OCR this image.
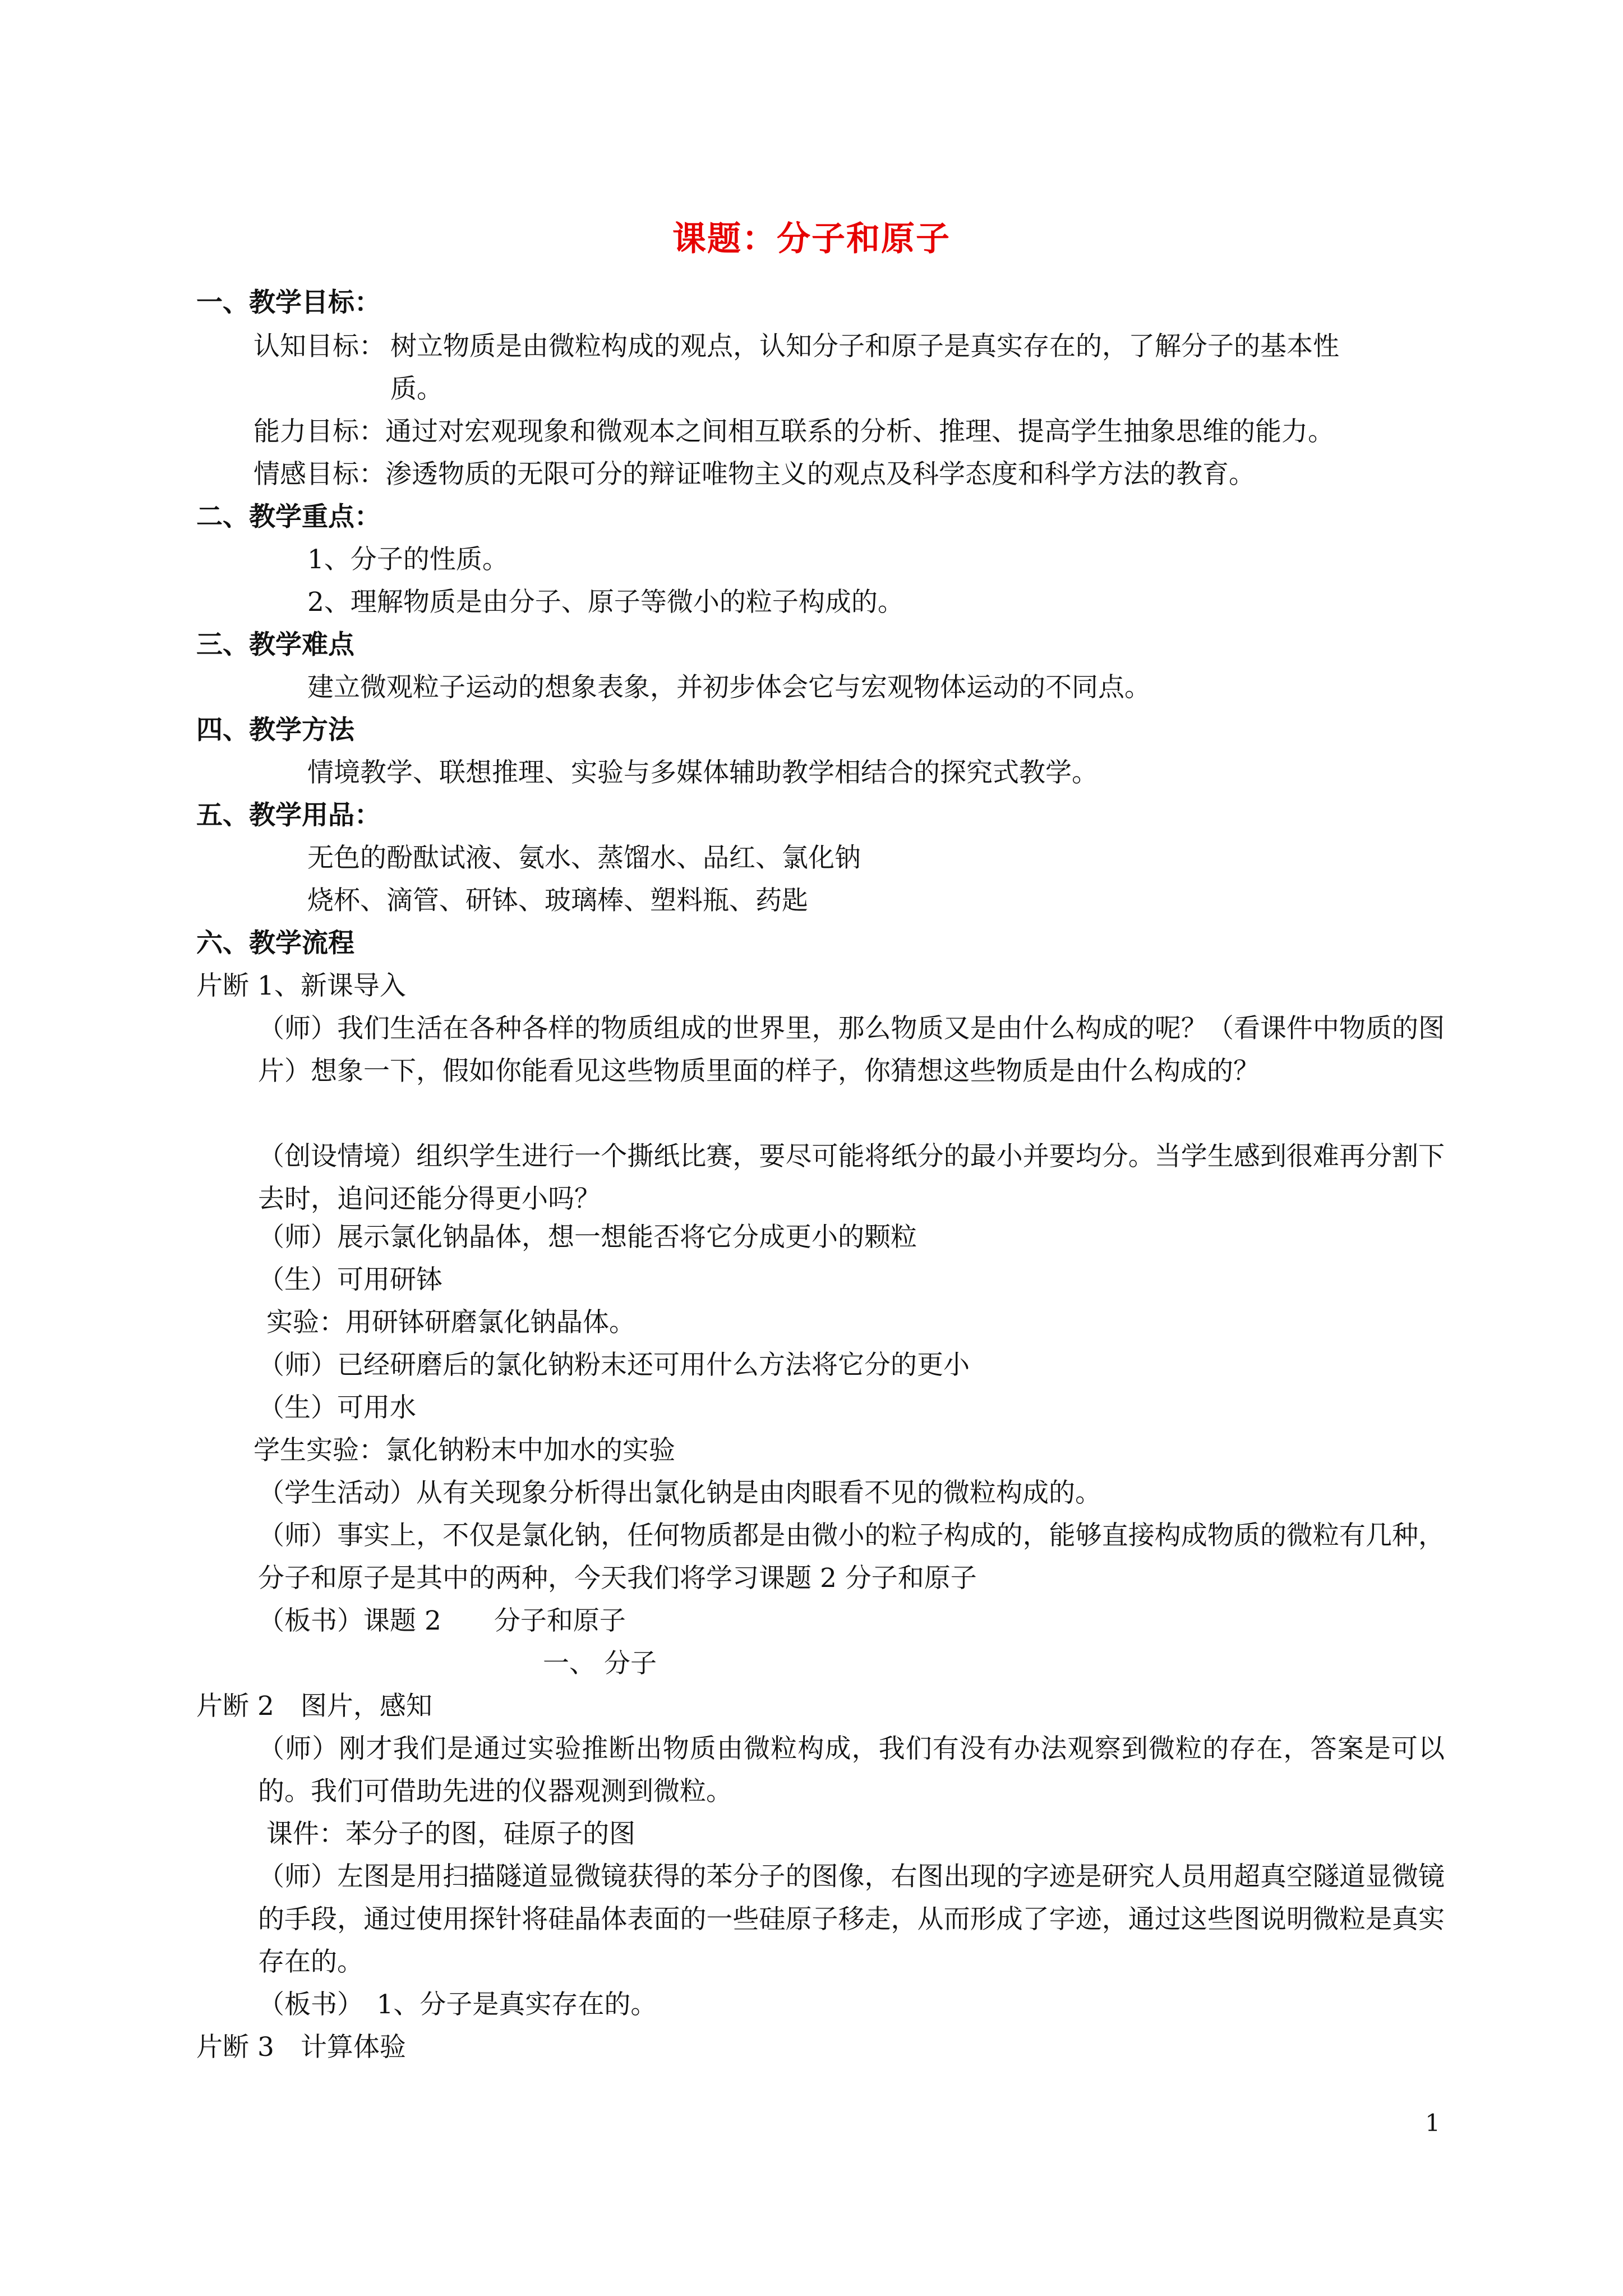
课题：分子和原子
一、教学目标：
认知目标： 树立物质是由微粒构成的观点，认知分子和原子是真实存在的，了解分子的基本性
质。
能力目标：通过对宏观现象和微观本之间相互联系的分析、推理、提高学生抽象思维的能力。
情感目标：渗透物质的无限可分的辩证唯物主义的观点及科学态度和科学方法的教育。
二、教学重点：
1、分子的性质。
2、理解物质是由分子、原子等微小的粒子构成的。
三、教学难点
建立微观粒子运动的想象表象，并初步体会它与宏观物体运动的不同点。
四、教学方法
情境教学、联想推理、实验与多媒体辅助教学相结合的探究式教学。
五、教学用品：
无色的酚酞试液、氨水、蒸馏水、品红、氯化钠
烧杯、滴管、研钵、玻璃棒、塑料瓶、药匙
六、教学流程
片断 1、新课导入
（师）我们生活在各种各样的物质组成的世界里，那么物质又是由什么构成的呢？（看课件中物质的图片）想象一下，假如你能看见这些物质里面的样子，你猜想这些物质是由什么构成的？
（创设情境）组织学生进行一个撕纸比赛，要尽可能将纸分的最小并要均分。当学生感到很难再分割下去时，追问还能分得更小吗？
（师）展示氯化钠晶体，想一想能否将它分成更小的颗粒
（生）可用研钵
实验：用研钵研磨氯化钠晶体。
（师）已经研磨后的氯化钠粉末还可用什么方法将它分的更小
（生）可用水
学生实验：氯化钠粉末中加水的实验
（学生活动）从有关现象分析得出氯化钠是由肉眼看不见的微粒构成的。
（师）事实上，不仅是氯化钠，任何物质都是由微小的粒子构成的，能够直接构成物质的微粒有几种，分子和原子是其中的两种，今天我们将学习课题 2 分子和原子
（板书）课题 2　　分子和原子
一、 分子
片断 2　图片，感知
（师）刚才我们是通过实验推断出物质由微粒构成，我们有没有办法观察到微粒的存在，答案是可以的。我们可借助先进的仪器观测到微粒。
课件：苯分子的图，硅原子的图
（师）左图是用扫描隧道显微镜获得的苯分子的图像，右图出现的字迹是研究人员用超真空隧道显微镜的手段，通过使用探针将硅晶体表面的一些硅原子移走，从而形成了字迹，通过这些图说明微粒是真实存在的。
（板书）　1、分子是真实存在的。
片断 3　计算体验
1
